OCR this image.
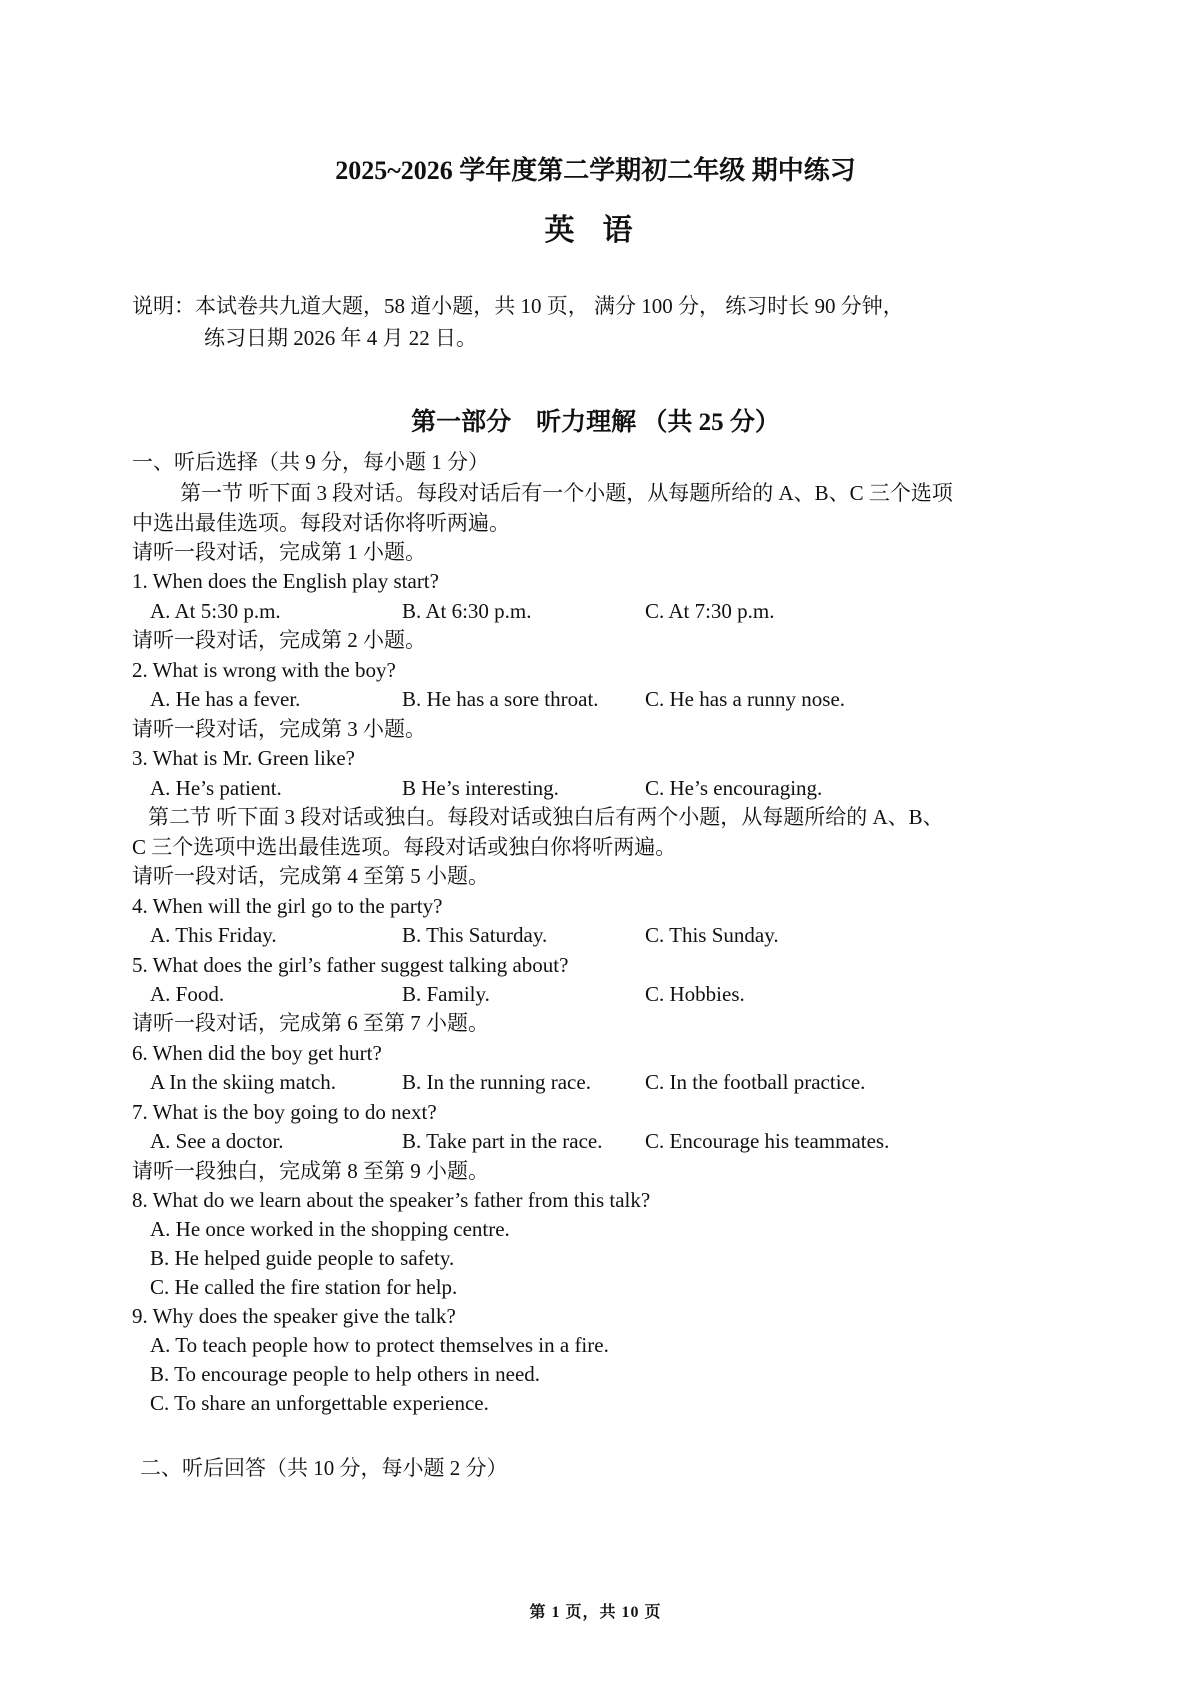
2025~2026 学年度第二学期初二年级 期中练习
英语
说明：本试卷共九道大题，58 道小题，共 10 页， 满分 100 分， 练习时长 90 分钟，
练习日期 2026 年 4 月 22 日。
第一部分　听力理解 （共 25 分）
一、听后选择（共 9 分，每小题 1 分）
第一节 听下面 3 段对话。每段对话后有一个小题，从每题所给的 A、B、C 三个选项
中选出最佳选项。每段对话你将听两遍。
请听一段对话，完成第 1 小题。
1. When does the English play start?
A. At 5:30 p.m.	B. At 6:30 p.m.	C. At 7:30 p.m.
请听一段对话，完成第 2 小题。
2. What is wrong with the boy?
A. He has a fever.	B. He has a sore throat. C. He has a runny nose.
请听一段对话，完成第 3 小题。
3. What is Mr. Green like?
A. He’s patient.	B He’s interesting.	C. He’s encouraging.
第二节 听下面 3 段对话或独白。每段对话或独白后有两个小题，从每题所给的 A、B、
C 三个选项中选出最佳选项。每段对话或独白你将听两遍。
请听一段对话，完成第 4 至第 5 小题。
4. When will the girl go to the party?
A. This Friday.	B. This Saturday.	C. This Sunday.
5. What does the girl’s father suggest talking about?
A. Food.	B. Family.	C. Hobbies.
请听一段对话，完成第 6 至第 7 小题。
6. When did the boy get hurt?
A In the skiing match.	B. In the running race.	C. In the football practice.
7. What is the boy going to do next?
A. See a doctor.	B. Take part in the race. C. Encourage his teammates.
请听一段独白，完成第 8 至第 9 小题。
8. What do we learn about the speaker’s father from this talk?
A. He once worked in the shopping centre.
B. He helped guide people to safety.
C. He called the fire station for help.
9. Why does the speaker give the talk?
A. To teach people how to protect themselves in a fire.
B. To encourage people to help others in need.
C. To share an unforgettable experience.
二、听后回答（共 10 分，每小题 2 分）
第 1 页，共 10 页
